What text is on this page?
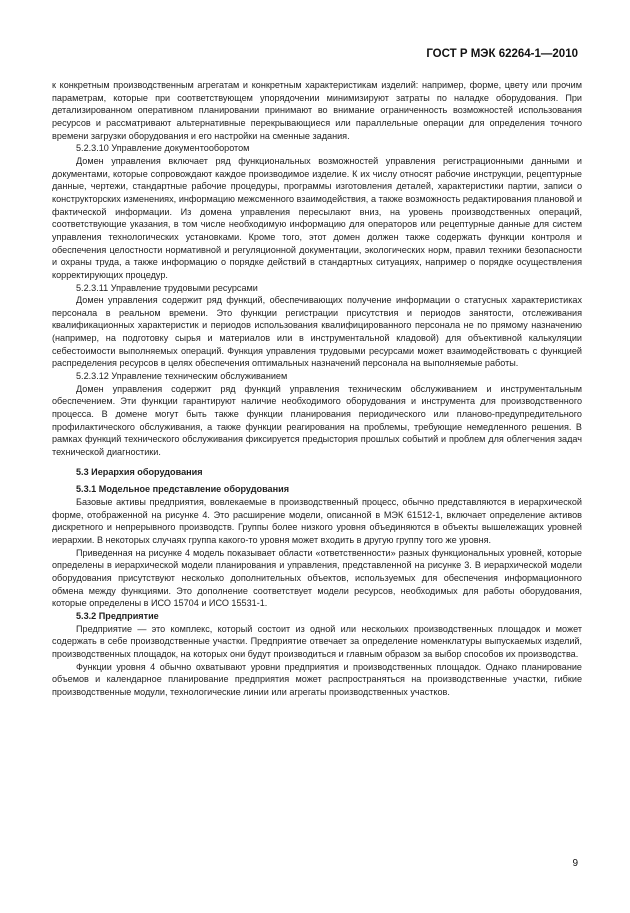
ГОСТ Р МЭК 62264-1—2010

к конкретным производственным агрегатам и конкретным характеристикам изделий: например, форме, цвету или прочим параметрам, которые при соответствующем упорядочении минимизируют затраты по наладке оборудования. При детализированном оперативном планировании принимают во внимание ограниченность возможностей использования ресурсов и рассматривают альтернативные перекрывающиеся или параллельные операции для определения точного времени загрузки оборудования и его настройки на сменные задания.

5.2.3.10 Управление документооборотом

Домен управления включает ряд функциональных возможностей управления регистрационными данными и документами, которые сопровождают каждое производимое изделие. К их числу относят рабочие инструкции, рецептурные данные, чертежи, стандартные рабочие процедуры, программы изготовления деталей, характеристики партии, записи о конструкторских изменениях, информацию межсменного взаимодействия, а также возможность редактирования плановой и фактической информации. Из домена управления пересылают вниз, на уровень производственных операций, соответствующие указания, в том числе необходимую информацию для операторов или рецептурные данные для систем управления технологических установками. Кроме того, этот домен должен также содержать функции контроля и обеспечения целостности нормативной и регуляционной документации, экологических норм, правил техники безопасности и охраны труда, а также информацию о порядке действий в стандартных ситуациях, например о порядке осуществления корректирующих процедур.

5.2.3.11 Управление трудовыми ресурсами

Домен управления содержит ряд функций, обеспечивающих получение информации о статусных характеристиках персонала в реальном времени. Это функции регистрации присутствия и периодов занятости, отслеживания квалификационных характеристик и периодов использования квалифицированного персонала не по прямому назначению (например, на подготовку сырья и материалов или в инструментальной кладовой) для объективной калькуляции себестоимости выполняемых операций. Функция управления трудовыми ресурсами может взаимодействовать с функцией распределения ресурсов в целях обеспечения оптимальных назначений персонала на выполняемые работы.

5.2.3.12 Управление техническим обслуживанием

Домен управления содержит ряд функций управления техническим обслуживанием и инструментальным обеспечением. Эти функции гарантируют наличие необходимого оборудования и инструмента для производственного процесса. В домене могут быть также функции планирования периодического или планово-предупредительного профилактического обслуживания, а также функции реагирования на проблемы, требующие немедленного решения. В рамках функций технического обслуживания фиксируется предыстория прошлых событий и проблем для облегчения задач технической диагностики.

5.3 Иерархия оборудования

5.3.1 Модельное представление оборудования

Базовые активы предприятия, вовлекаемые в производственный процесс, обычно представляются в иерархической форме, отображенной на рисунке 4. Это расширение модели, описанной в МЭК 61512-1, включает определение активов дискретного и непрерывного производств. Группы более низкого уровня объединяются в объекты вышележащих уровней иерархии. В некоторых случаях группа какого-то уровня может входить в другую группу того же уровня.

Приведенная на рисунке 4 модель показывает области «ответственности» разных функциональных уровней, которые определены в иерархической модели планирования и управления, представленной на рисунке 3. В иерархической модели оборудования присутствуют несколько дополнительных объектов, используемых для обеспечения информационного обмена между функциями. Это дополнение соответствует модели ресурсов, необходимых для работы оборудования, которые определены в ИСО 15704 и ИСО 15531-1.

5.3.2 Предприятие

Предприятие — это комплекс, который состоит из одной или нескольких производственных площадок и может содержать в себе производственные участки. Предприятие отвечает за определение номенклатуры выпускаемых изделий, производственных площадок, на которых они будут производиться и главным образом за выбор способов их производства.

Функции уровня 4 обычно охватывают уровни предприятия и производственных площадок. Однако планирование объемов и календарное планирование предприятия может распространяться на производственные участки, гибкие производственные модули, технологические линии или агрегаты производственных участков.

9
